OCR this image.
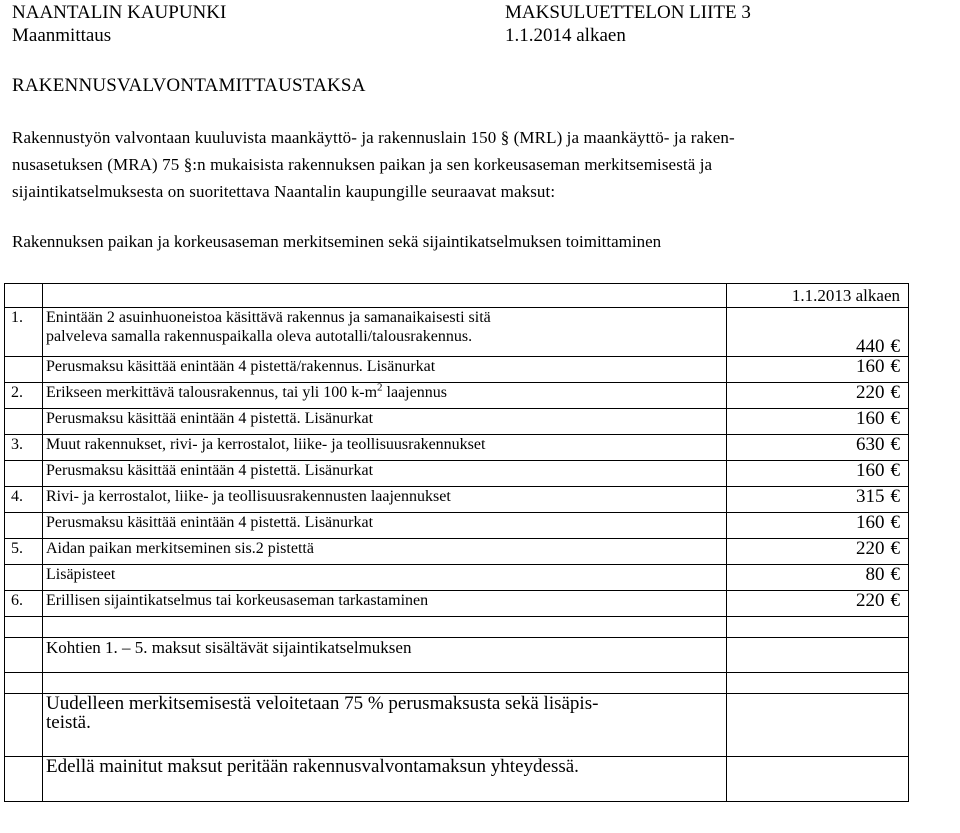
NAANTALIN KAUPUNKI
Maanmittaus
MAKSULUETTELON LIITE 3
1.1.2014 alkaen
RAKENNUSVALVONTAMITTAUSTAKSA
Rakennustyön valvontaan kuuluvista maankäyttö- ja rakennuslain 150 § (MRL) ja maankäyttö- ja raken-
nusasetuksen (MRA) 75 §:n mukaisista rakennuksen paikan ja sen korkeusaseman merkitsemisestä ja
sijaintikatselmuksesta on suoritettava Naantalin kaupungille seuraavat maksut:
Rakennuksen paikan ja korkeusaseman merkitseminen sekä sijaintikatselmuksen toimittaminen
		1.1.2013 alkaen
1.	Enintään 2 asuinhuoneistoa käsittävä rakennus ja samanaikaisesti sitä
palveleva samalla rakennuspaikalla oleva autotalli/talousrakennus.	440 €
	Perusmaksu käsittää enintään 4 pistettä/rakennus. Lisänurkat	160 €
2.	Erikseen merkittävä talousrakennus, tai yli 100 $k-m^2$ laajennus	220 €
	Perusmaksu käsittää enintään 4 pistettä. Lisänurkat	160 €
3.	Muut rakennukset, rivi- ja kerrostalot, liike- ja teollisuusrakennukset	630 €
	Perusmaksu käsittää enintään 4 pistettä. Lisänurkat	160 €
4.	Rivi- ja kerrostalot, liike- ja teollisuusrakennusten laajennukset	315 €
	Perusmaksu käsittää enintään 4 pistettä. Lisänurkat	160 €
5.	Aidan paikan merkitseminen sis.2 pistettä	220 €
	Lisäpisteet	80 €
6.	Erillisen sijaintikatselmus tai korkeusaseman tarkastaminen	220 €

	Kohtien 1. – 5. maksut sisältävät sijaintikatselmuksen	

	Uudelleen merkitsemisestä veloitetaan 75 % perusmaksusta sekä lisäpis-
teistä.	
	Edellä mainitut maksut peritään rakennusvalvontamaksun yhteydessä.	
